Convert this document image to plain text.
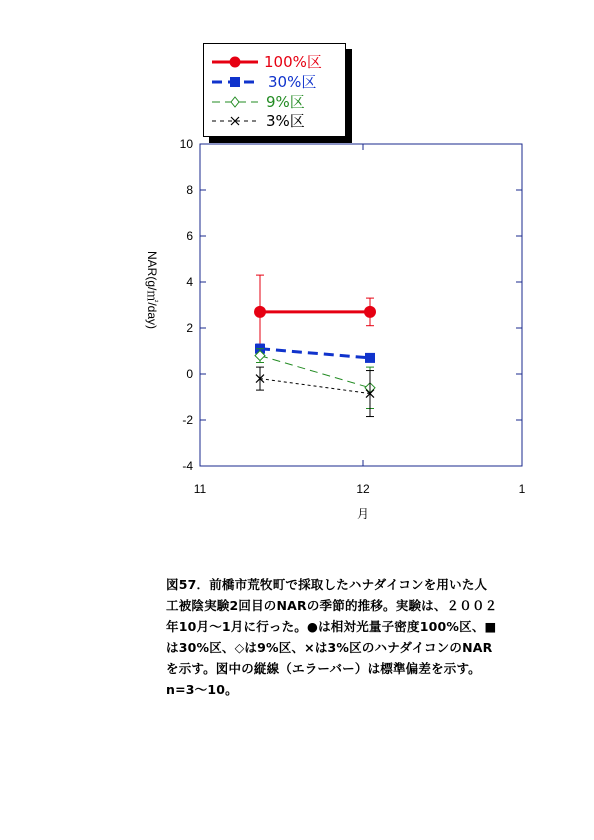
100%区
30%区
9%区
3%区
-4
-2
0
2
4
6
8
10
11	12	1
NAR(g/㎡/day)
月
図57．前橋市荒牧町で採取したハナダイコンを用いた人
工被陰実験2回目のNARの季節的推移。実験は、２００２
年10月～1月に行った。●は相対光量子密度100%区、■
は30%区、◇は9%区、×は3%区のハナダイコンのNAR
を示す。図中の縦線（エラーバー）は標準偏差を示す。
n=3～10。
